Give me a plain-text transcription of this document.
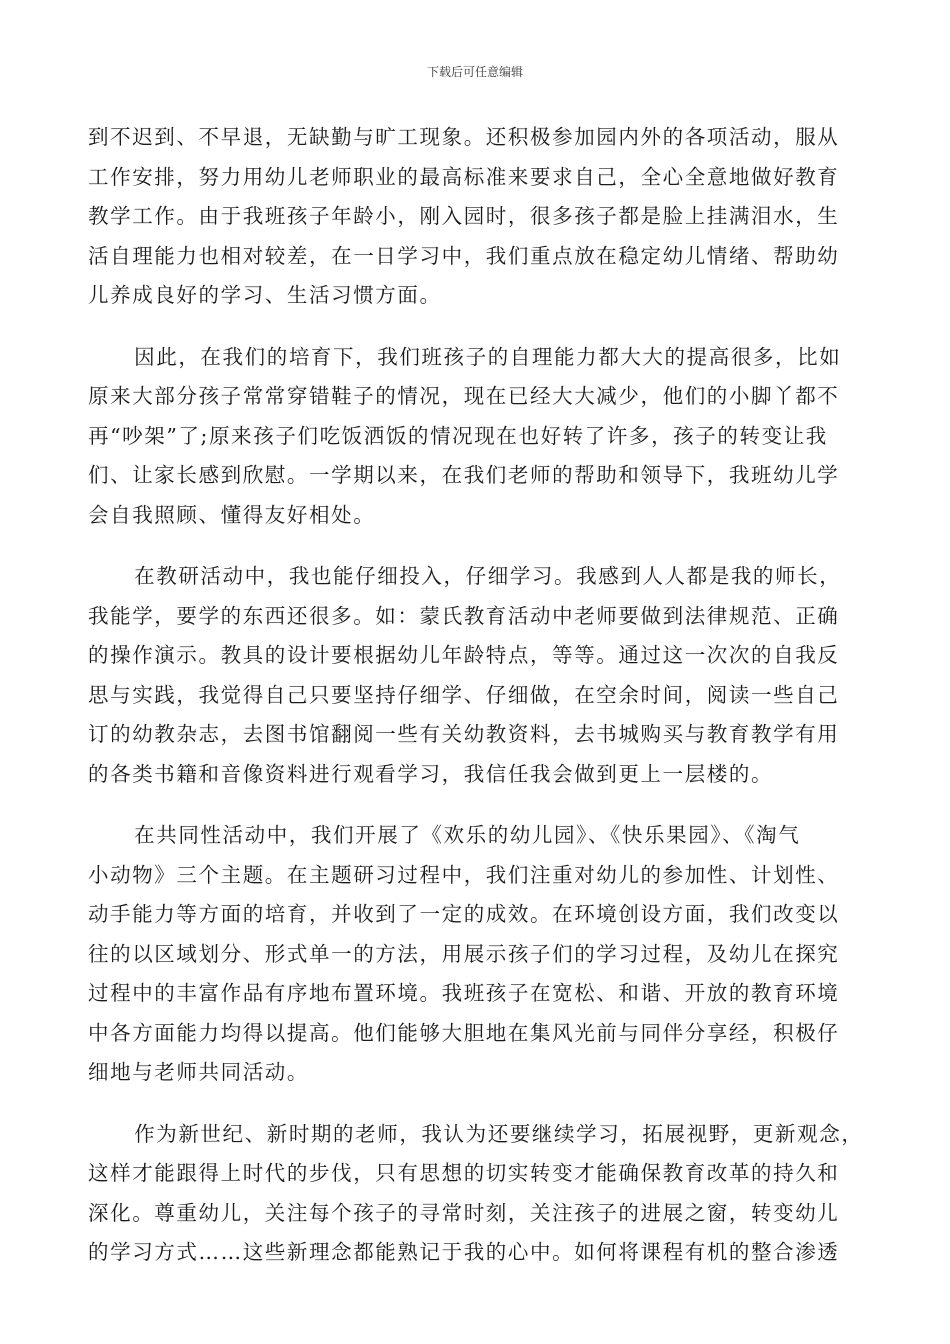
下载后可任意编辑

到不迟到、不早退，无缺勤与旷工现象。还积极参加园内外的各项活动，服从
工作安排，努力用幼儿老师职业的最高标准来要求自己，全心全意地做好教育
教学工作。由于我班孩子年龄小，刚入园时，很多孩子都是脸上挂满泪水，生
活自理能力也相对较差，在一日学习中，我们重点放在稳定幼儿情绪、帮助幼
儿养成良好的学习、生活习惯方面。

因此，在我们的培育下，我们班孩子的自理能力都大大的提高很多，比如
原来大部分孩子常常穿错鞋子的情况，现在已经大大减少，他们的小脚丫都不
再“吵架”了;原来孩子们吃饭洒饭的情况现在也好转了许多，孩子的转变让我
们、让家长感到欣慰。一学期以来，在我们老师的帮助和领导下，我班幼儿学
会自我照顾、懂得友好相处。

在教研活动中，我也能仔细投入，仔细学习。我感到人人都是我的师长，
我能学，要学的东西还很多。如：蒙氏教育活动中老师要做到法律规范、正确
的操作演示。教具的设计要根据幼儿年龄特点，等等。通过这一次次的自我反
思与实践，我觉得自己只要坚持仔细学、仔细做，在空余时间，阅读一些自己
订的幼教杂志，去图书馆翻阅一些有关幼教资料，去书城购买与教育教学有用
的各类书籍和音像资料进行观看学习，我信任我会做到更上一层楼的。

在共同性活动中，我们开展了《欢乐的幼儿园》、《快乐果园》、《淘气
小动物》三个主题。在主题研习过程中，我们注重对幼儿的参加性、计划性、
动手能力等方面的培育，并收到了一定的成效。在环境创设方面，我们改变以
往的以区域划分、形式单一的方法，用展示孩子们的学习过程，及幼儿在探究
过程中的丰富作品有序地布置环境。我班孩子在宽松、和谐、开放的教育环境
中各方面能力均得以提高。他们能够大胆地在集风光前与同伴分享经，积极仔
细地与老师共同活动。

作为新世纪、新时期的老师，我认为还要继续学习，拓展视野，更新观念，
这样才能跟得上时代的步伐，只有思想的切实转变才能确保教育改革的持久和
深化。尊重幼儿，关注每个孩子的寻常时刻，关注孩子的进展之窗，转变幼儿
的学习方式……这些新理念都能熟记于我的心中。如何将课程有机的整合渗透
